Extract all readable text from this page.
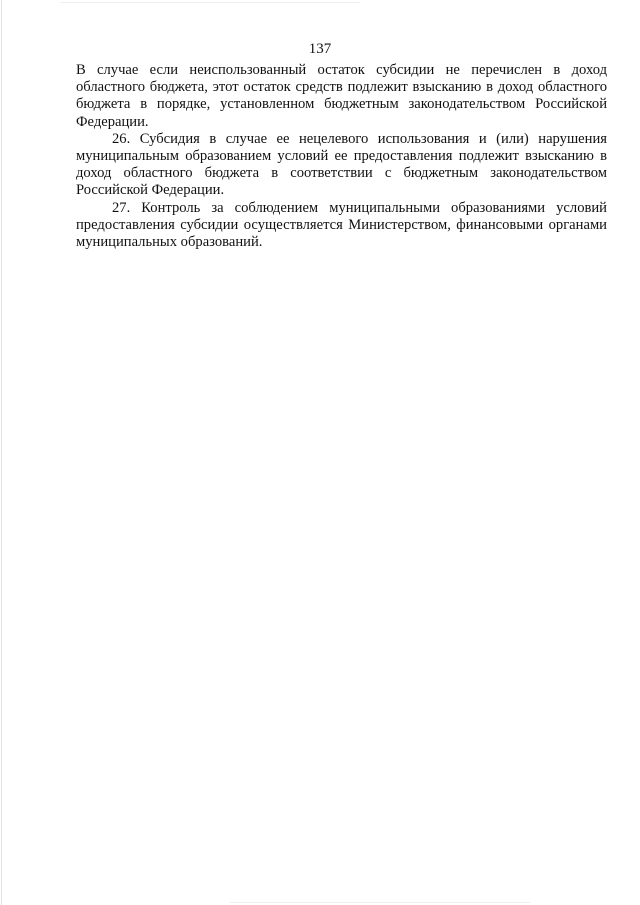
137

В случае если неиспользованный остаток субсидии не перечислен в доход областного бюджета, этот остаток средств подлежит взысканию в доход областного бюджета в порядке, установленном бюджетным законодательством Российской Федерации.

26. Субсидия в случае ее нецелевого использования и (или) нарушения муниципальным образованием условий ее предоставления подлежит взысканию в доход областного бюджета в соответствии с бюджетным законодательством Российской Федерации.

27. Контроль за соблюдением муниципальными образованиями условий предоставления субсидии осуществляется Министерством, финансовыми органами муниципальных образований.
